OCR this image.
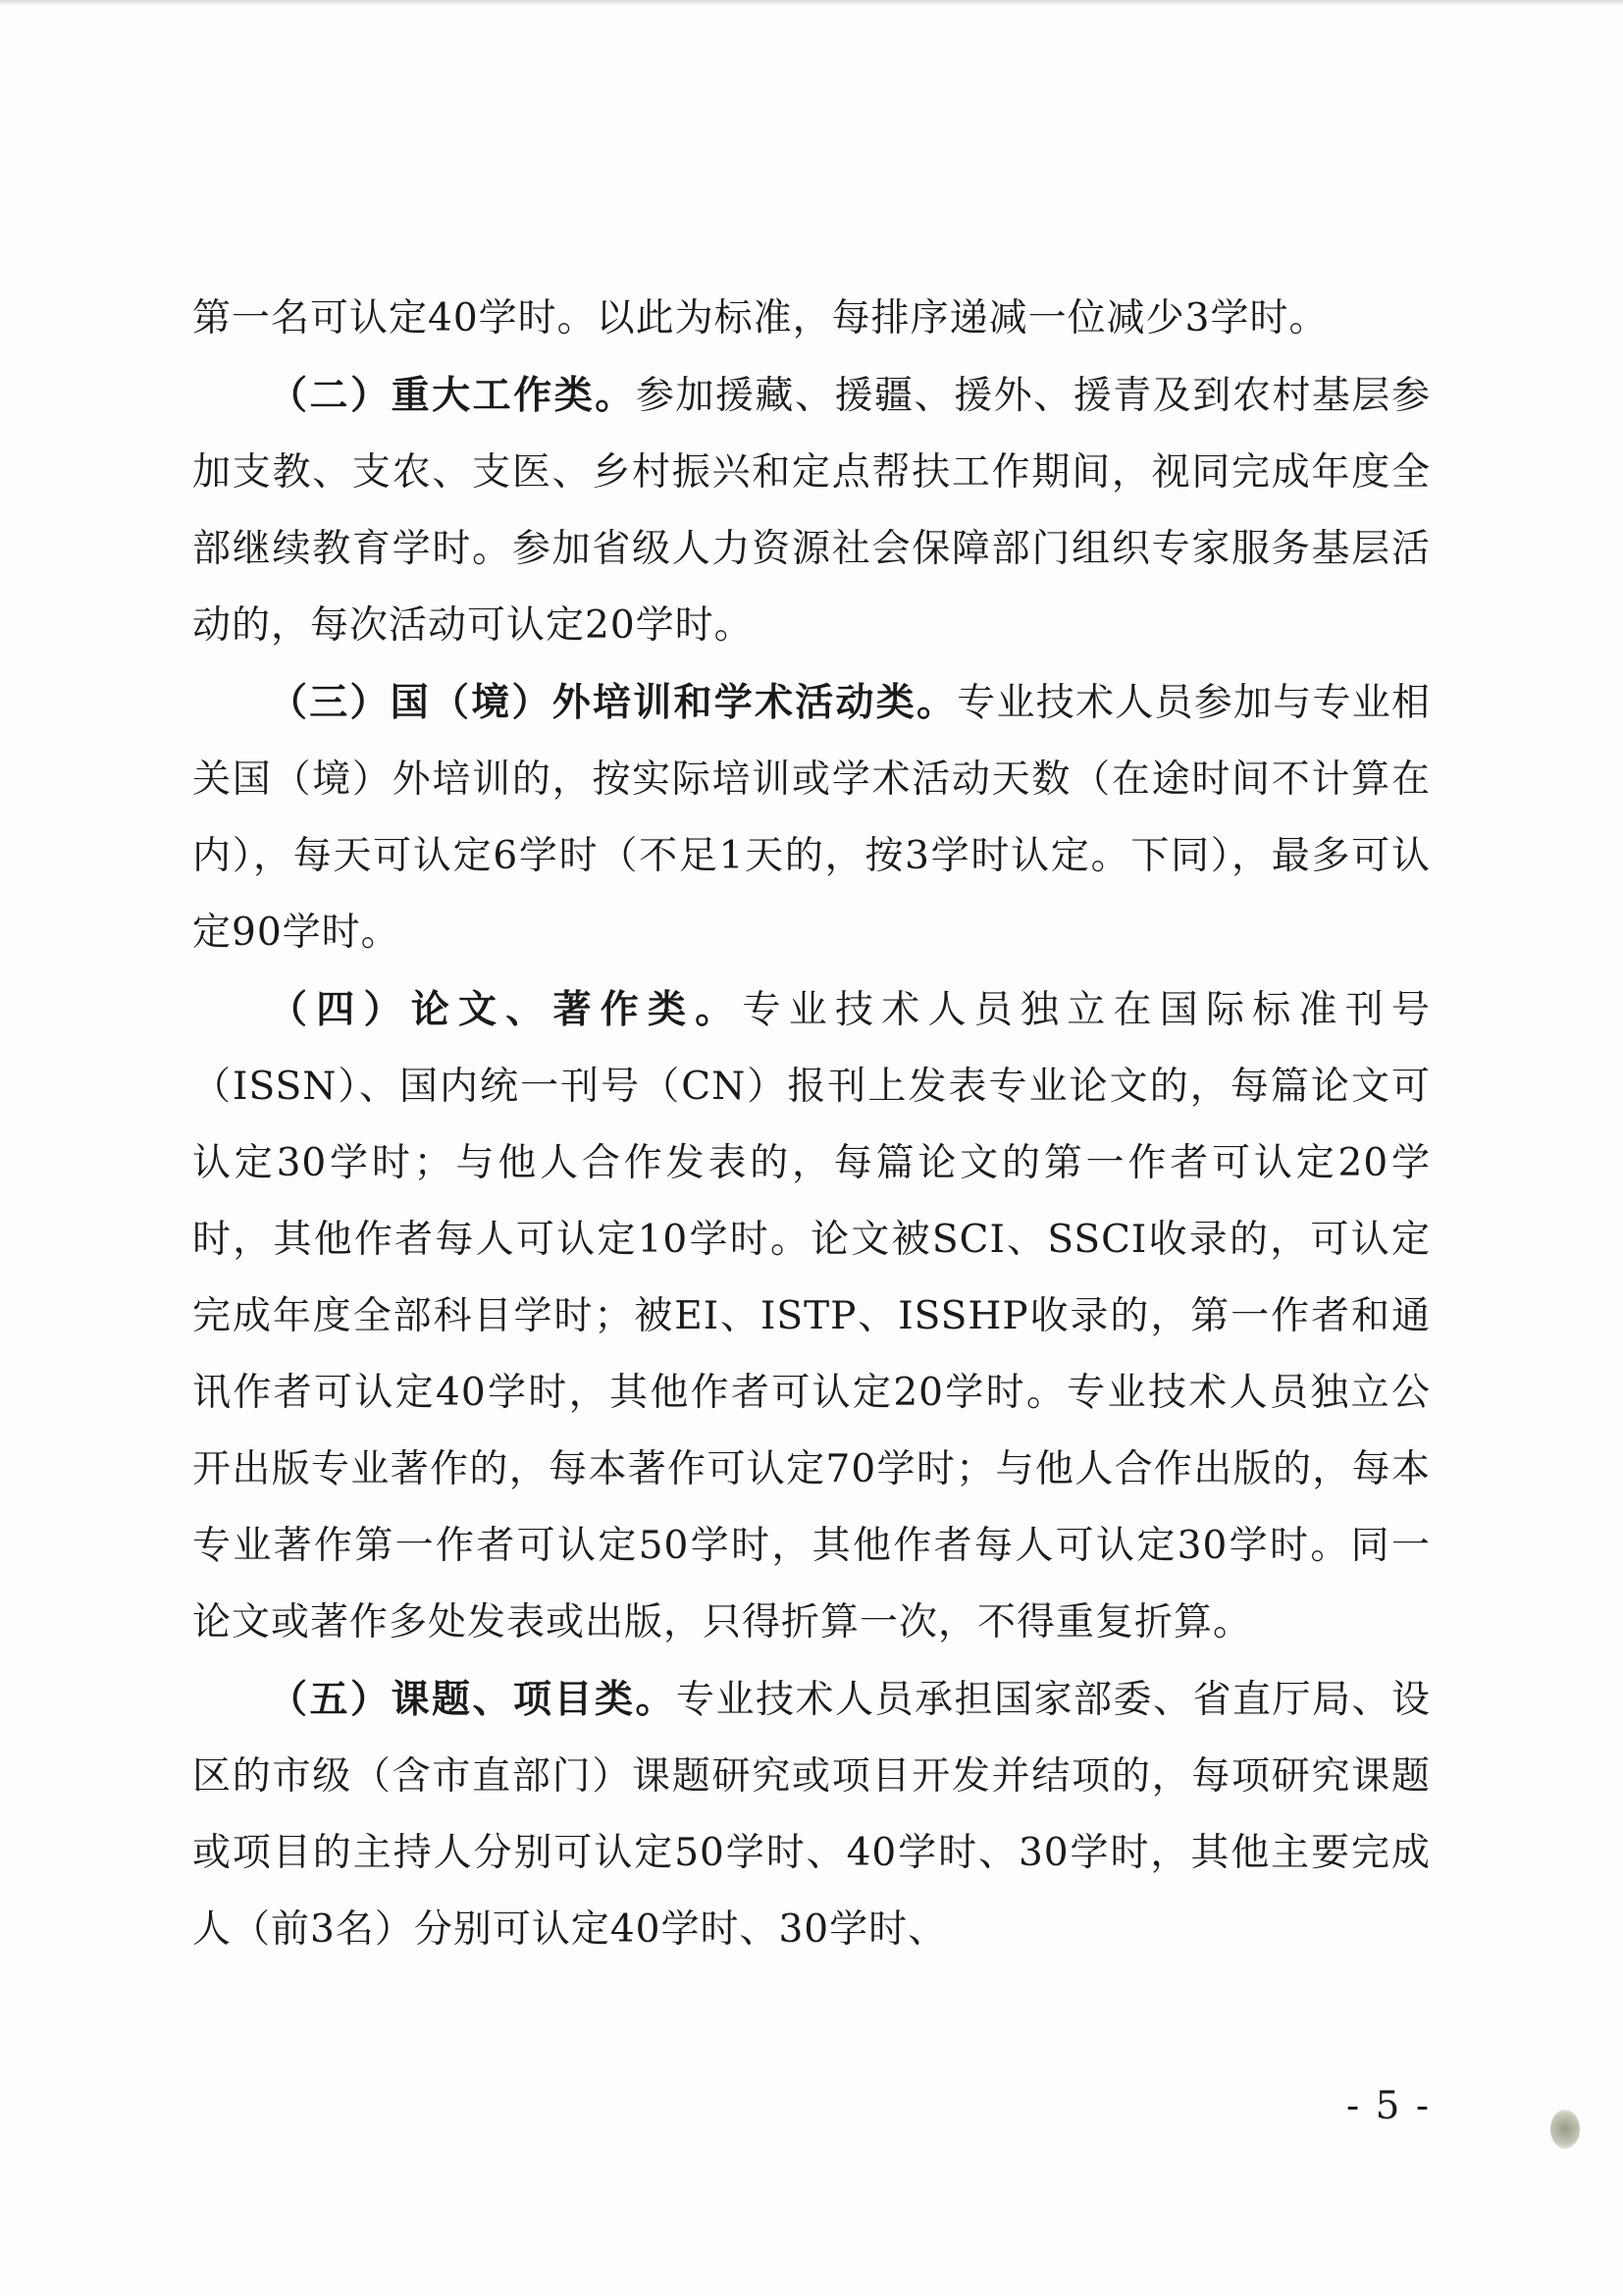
第一名可认定40学时。以此为标准，每排序递减一位减少3学时。

（二）重大工作类。参加援藏、援疆、援外、援青及到农村基层参加支教、支农、支医、乡村振兴和定点帮扶工作期间，视同完成年度全部继续教育学时。参加省级人力资源社会保障部门组织专家服务基层活动的，每次活动可认定20学时。

（三）国（境）外培训和学术活动类。专业技术人员参加与专业相关国（境）外培训的，按实际培训或学术活动天数（在途时间不计算在内），每天可认定6学时（不足1天的，按3学时认定。下同），最多可认定90学时。

（四）论文、著作类。专业技术人员独立在国际标准刊号（ISSN）、国内统一刊号（CN）报刊上发表专业论文的，每篇论文可认定30学时；与他人合作发表的，每篇论文的第一作者可认定20学时，其他作者每人可认定10学时。论文被SCI、SSCI收录的，可认定完成年度全部科目学时；被EI、ISTP、ISSHP收录的，第一作者和通讯作者可认定40学时，其他作者可认定20学时。专业技术人员独立公开出版专业著作的，每本著作可认定70学时；与他人合作出版的，每本专业著作第一作者可认定50学时，其他作者每人可认定30学时。同一论文或著作多处发表或出版，只得折算一次，不得重复折算。

（五）课题、项目类。专业技术人员承担国家部委、省直厅局、设区的市级（含市直部门）课题研究或项目开发并结项的，每项研究课题或项目的主持人分别可认定50学时、40学时、30学时，其他主要完成人（前3名）分别可认定40学时、30学时、

- 5 -
